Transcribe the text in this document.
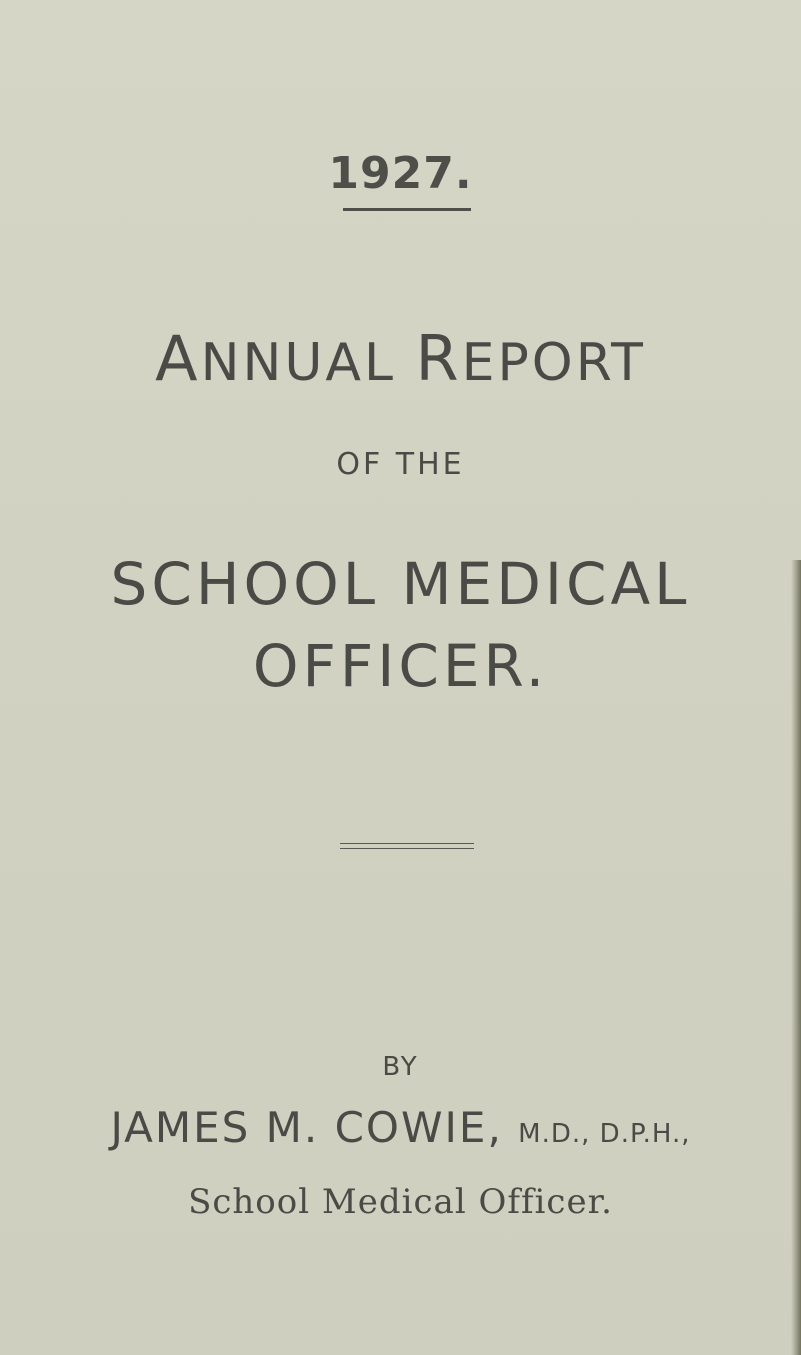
1927.
ANNUAL REPORT
OF THE
SCHOOL MEDICAL
OFFICER.
BY
JAMES M. COWIE, M.D., D.P.H.,
School Medical Officer.
